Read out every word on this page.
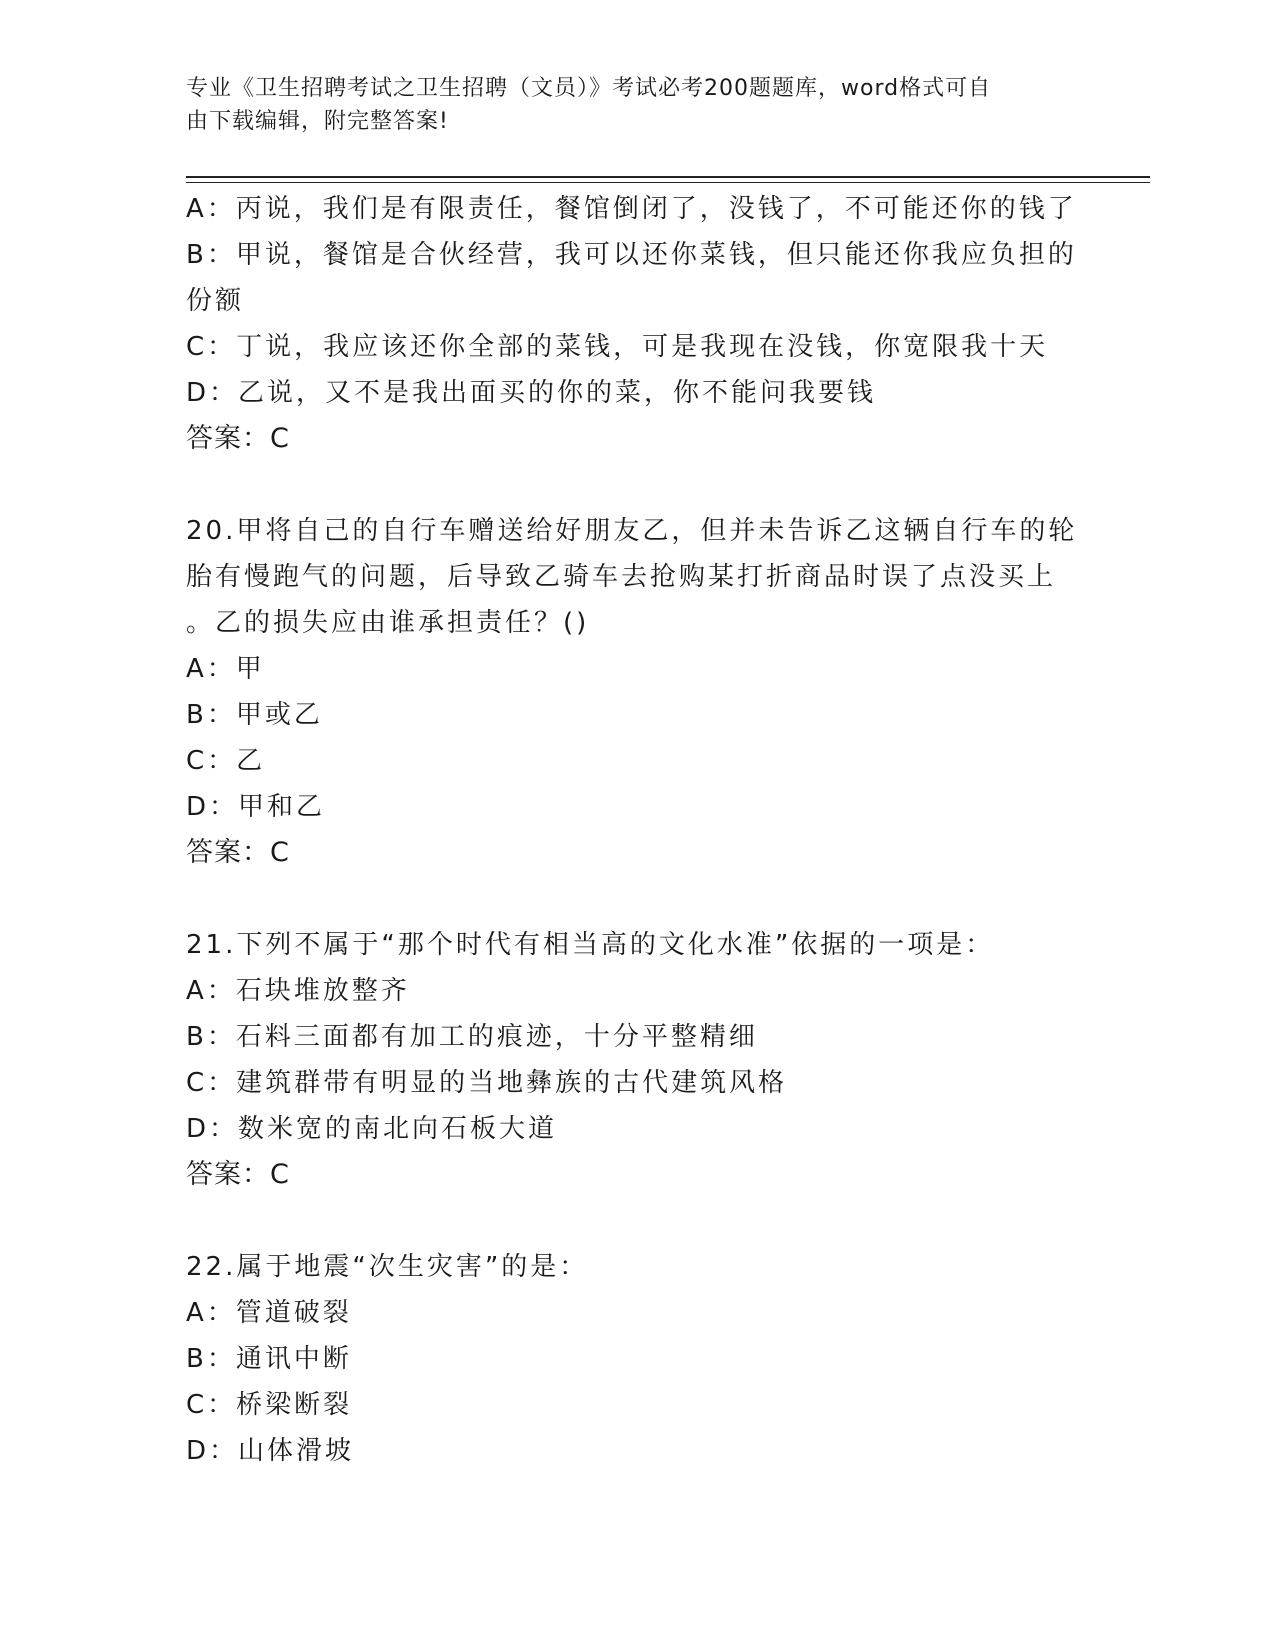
专业《卫生招聘考试之卫生招聘（文员）》考试必考200题题库，word格式可自
由下载编辑，附完整答案!
A：丙说，我们是有限责任，餐馆倒闭了，没钱了，不可能还你的钱了
B：甲说，餐馆是合伙经营，我可以还你菜钱，但只能还你我应负担的
份额
C：丁说，我应该还你全部的菜钱，可是我现在没钱，你宽限我十天
D：乙说，又不是我出面买的你的菜，你不能问我要钱
答案：C
20.甲将自己的自行车赠送给好朋友乙，但并未告诉乙这辆自行车的轮
胎有慢跑气的问题，后导致乙骑车去抢购某打折商品时误了点没买上
。乙的损失应由谁承担责任？()
A：甲
B：甲或乙
C：乙
D：甲和乙
答案：C
21.下列不属于“那个时代有相当高的文化水准”依据的一项是：
A：石块堆放整齐
B：石料三面都有加工的痕迹，十分平整精细
C：建筑群带有明显的当地彝族的古代建筑风格
D：数米宽的南北向石板大道
答案：C
22.属于地震“次生灾害”的是：
A：管道破裂
B：通讯中断
C：桥梁断裂
D：山体滑坡
